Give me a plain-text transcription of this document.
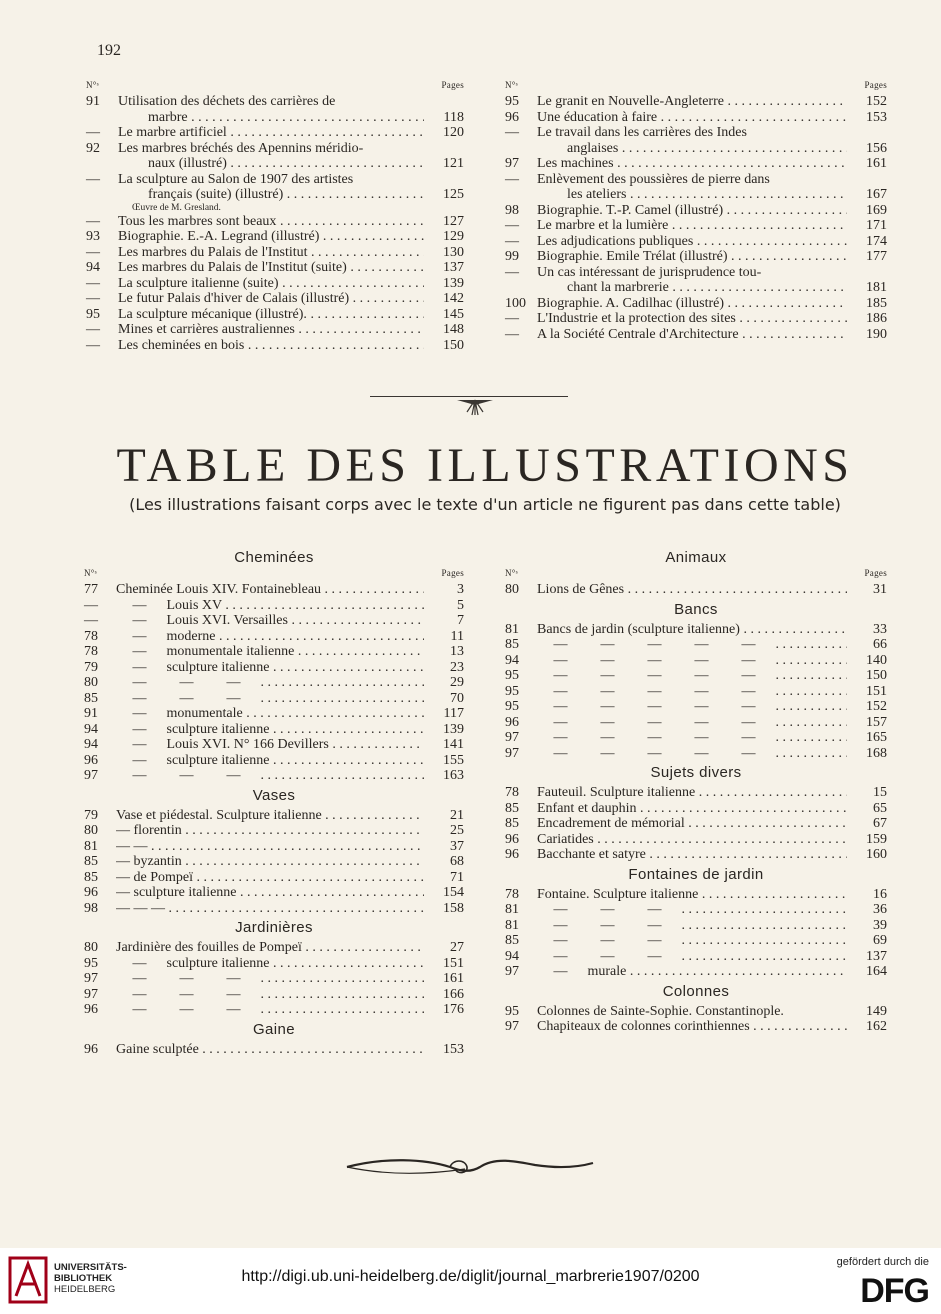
192
N°ˢ	Pages
91	Utilisation des déchets des carrières de
marbre . . .	118
—	Le marbre artificiel . . .	120
92	Les marbres bréchés des Apennins méridio-
naux (illustré) . . .	121
—	La sculpture au Salon de 1907 des artistes
français (suite) (illustré) . . .	125
Œuvre de M. Gresland.
—	Tous les marbres sont beaux . . .	127
93	Biographie. E.-A. Legrand (illustré) . . .	129
—	Les marbres du Palais de l'Institut . . .	130
94	Les marbres du Palais de l'Institut (suite) . . .	137
—	La sculpture italienne (suite) . . .	139
—	Le futur Palais d'hiver de Calais (illustré) . . .	142
95	La sculpture mécanique (illustré). . . .	145
—	Mines et carrières australiennes . . .	148
—	Les cheminées en bois . . .	150
N°ˢ	Pages
95	Le granit en Nouvelle-Angleterre . . .	152
96	Une éducation à faire . . .	153
—	Le travail dans les carrières des Indes
anglaises . . .	156
97	Les machines . . .	161
—	Enlèvement des poussières de pierre dans
les ateliers . . .	167
98	Biographie. T.-P. Camel (illustré) . . .	169
—	Le marbre et la lumière . . .	171
—	Les adjudications publiques . . .	174
99	Biographie. Emile Trélat (illustré) . . .	177
—	Un cas intéressant de jurisprudence tou-
chant la marbrerie . . .	181
100 Biographie. A. Cadilhac (illustré) . . .	185
—	L'Industrie et la protection des sites . . .	186
—	A la Société Centrale d'Architecture . . .	190
TABLE DES ILLUSTRATIONS
(Les illustrations faisant corps avec le texte d'un article ne figurent pas dans cette table)
Cheminées
N°ˢ	Pages
77	Cheminée Louis XIV. Fontainebleau . . .	3
—	— Louis XV . . .	5
—	— Louis XVI. Versailles . . .	7
78	— moderne . . .	11
78	— monumentale italienne . . .	13
79	— sculpture italienne . . .	23
80	— — — . . .	29
85	— — — . . .	70
91	— monumentale . . .	117
94	— sculpture italienne . . .	139
94	— Louis XVI. N° 166 Devillers . . .	141
96	— sculpture italienne . . .	155
97	— — — . . .	163
Vases
79	Vase et piédestal. Sculpture italienne . . .	21
80	— florentin . . .	25
81	— — . . .	37
85	— byzantin . . .	68
85	— de Pompeï . . .	71
96	— sculpture italienne . . .	154
98	— — — . . .	158
Jardinières
80	Jardinière des fouilles de Pompeï . . .	27
95	— sculpture italienne . . .	151
97	— — — . . .	161
97	— — — . . .	166
96	— — — . . .	176
Gaine
96	Gaine sculptée . . .	153
Animaux
N°ˢ	Pages
80	Lions de Gênes . . .	31
Bancs
81	Bancs de jardin (sculpture italienne) . . .	33
85	— — — — — . . .	66
94	— — — — — . . .	140
95	— — — — — . . .	150
95	— — — — — . . .	151
95	— — — — — . . .	152
96	— — — — — . . .	157
97	— — — — — . . .	165
97	— — — — — . . .	168
Sujets divers
78	Fauteuil. Sculpture italienne . . .	15
85	Enfant et dauphin . . .	65
85	Encadrement de mémorial . . .	67
96	Cariatides . . .	159
96	Bacchante et satyre . . .	160
Fontaines de jardin
78	Fontaine. Sculpture italienne . . .	16
81	— — — . . .	36
81	— — — . . .	39
85	— — — . . .	69
94	— — — . . .	137
97	— murale . . .	164
Colonnes
95	Colonnes de Sainte-Sophie. Constantinople.	149
97	Chapiteaux de colonnes corinthiennes . . .	162
UNIVERSITÄTS-
BIBLIOTHEK
HEIDELBERG
http://digi.ub.uni-heidelberg.de/diglit/journal_marbrerie1907/0200
gefördert durch die
DFG
